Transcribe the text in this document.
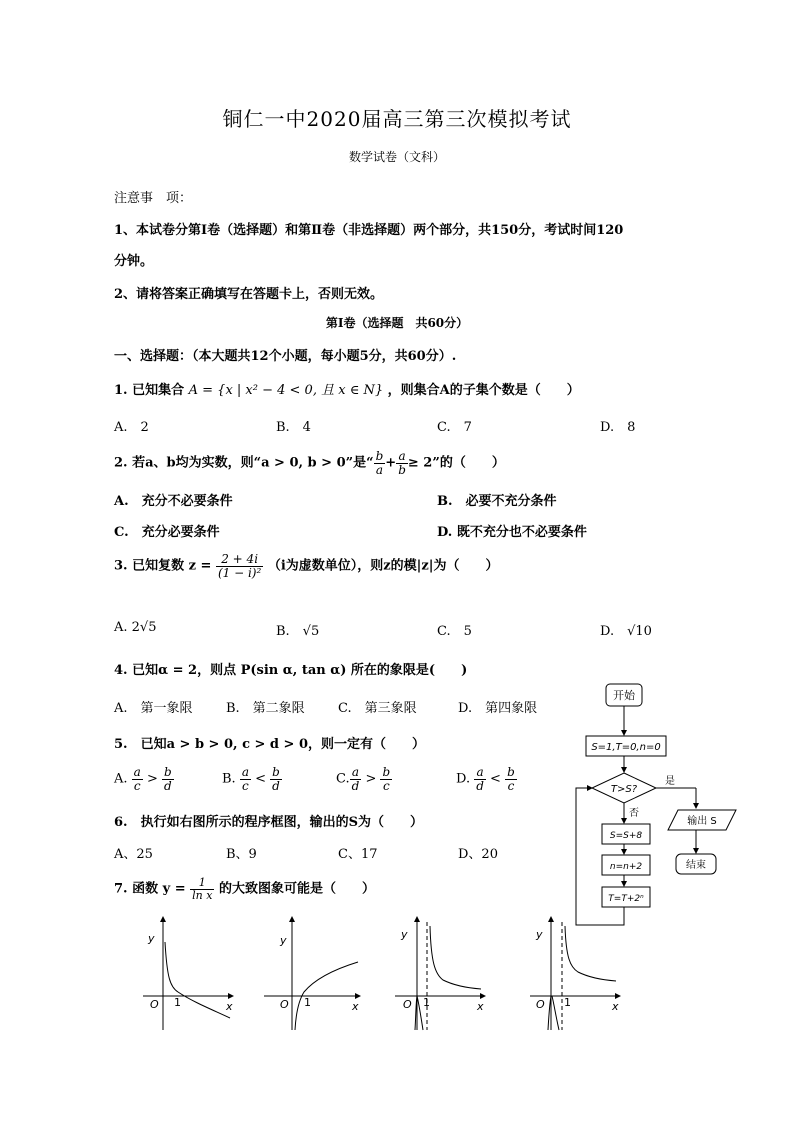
铜仁一中2020届高三第三次模拟考试
数学试卷（文科）
注意事　项：
1、本试卷分第Ⅰ卷（选择题）和第Ⅱ卷（非选择题）两个部分，共150分，考试时间120
分钟。
2、请将答案正确填写在答题卡上，否则无效。
第Ⅰ卷（选择题　共60分）
一、选择题：（本大题共12个小题，每小题5分，共60分）.
1. 已知集合 A = {x | x² − 4 < 0, 且 x ∈ N} ，则集合A的子集个数是（　　）
A.　2	B.　4	C.　7	D.　8
2. 若a、b均为实数，则“a > 0, b > 0”是“ $\frac{b}{a} + \frac{a}{b} \ge 2$”的（　　）
A.　充分不必要条件	B.　必要不充分条件
C.　充分必要条件	D. 既不充分也不必要条件
3. 已知复数 $z = \frac{2 + 4i}{\text{(1 − i)²}} (i$为虚数单位），则z的模|z|为（　　）
A. 2√5	B.　√5	C.　5	D.　√10
4. 已知α = 2，则点 P(sin α, tan α) 所在的象限是(　　)
A.　第一象限	B.　第二象限	C.　第三象限	D.　第四象限
5.　已知a > b > 0, c > d > 0，则一定有（　　）
A. $\frac{a}{c} > \frac{b}{d}$	B. $\frac{a}{c} < \frac{b}{d}$	C. $\frac{a}{d} > \frac{b}{c}$	D. $\frac{a}{d} < \frac{b}{c}$
6.　执行如右图所示的程序框图，输出的S为（　　）
A、25	B、9	C、17	D、20
7. 函数 $y = \frac{1}{\text{ln x}}$ 的大致图象可能是（　　）
开始
S=1,T=0,n=0
T>S?
是
否
输出 S
结束
S=S+8
n=n+2
T=T+2ⁿ
y
O 1	x
y
O 1	x
y
O 1	x
y
O 1	x
